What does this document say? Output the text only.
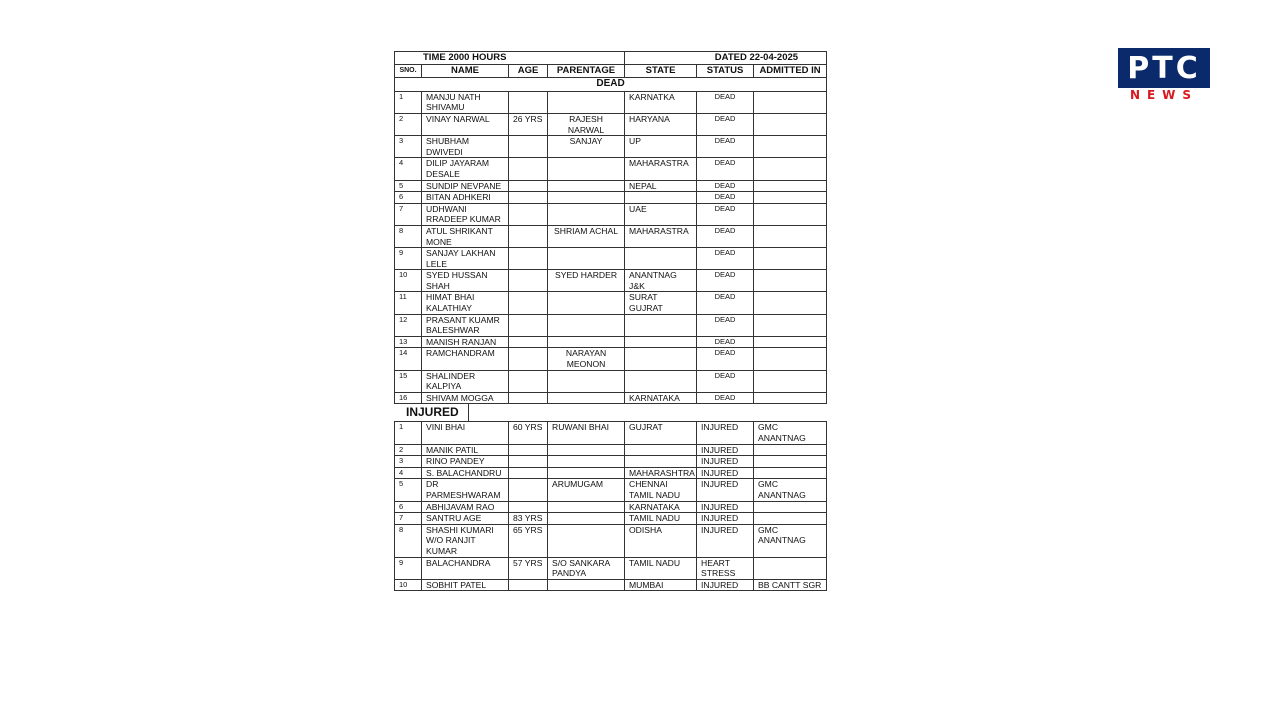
TIME 2000 HOURS				DATED 22-04-2025		
SNO.	NAME	AGE	PARENTAGE	STATE	STATUS	ADMITTED IN
DEAD						
1	MANJU NATH SHIVAMU			KARNATKA	DEAD	
2	VINAY NARWAL	26 YRS	RAJESH NARWAL	HARYANA	DEAD	
3	SHUBHAM DWIVEDI		SANJAY	UP	DEAD	
4	DILIP JAYARAM DESALE			MAHARASTRA	DEAD	
5	SUNDIP NEVPANE			NEPAL	DEAD	
6	BITAN ADHKERI				DEAD	
7	UDHWANI RRADEEP KUMAR			UAE	DEAD	
8	ATUL SHRIKANT MONE		SHRIAM ACHAL	MAHARASTRA	DEAD	
9	SANJAY LAKHAN LELE				DEAD	
10	SYED HUSSAN SHAH		SYED HARDER	ANANTNAG J&K	DEAD	
11	HIMAT BHAI KALATHIAY			SURAT GUJRAT	DEAD	
12	PRASANT KUAMR BALESHWAR				DEAD	
13	MANISH RANJAN				DEAD	
14	RAMCHANDRAM		NARAYAN MEONON		DEAD	
15	SHALINDER KALPIYA				DEAD	
16	SHIVAM MOGGA			KARNATAKA	DEAD	
INJURED
1	VINI BHAI	60 YRS	RUWANI BHAI	GUJRAT	INJURED	GMC ANANTNAG
2	MANIK PATIL				INJURED	
3	RINO PANDEY				INJURED	
4	S. BALACHANDRU			MAHARASHTRA	INJURED	
5	DR PARMESHWARAM		ARUMUGAM	CHENNAI TAMIL NADU	INJURED	GMC ANANTNAG
6	ABHIJAVAM RAO			KARNATAKA	INJURED	
7	SANTRU AGE	83 YRS		TAMIL NADU	INJURED	
8	SHASHI KUMARI W/O RANJIT KUMAR	65 YRS		ODISHA	INJURED	GMC ANANTNAG
9	BALACHANDRA	57 YRS	S/O SANKARA PANDYA	TAMIL NADU	HEART STRESS	
10	SOBHIT PATEL			MUMBAI	INJURED	BB CANTT SGR
PTC
NEWS
